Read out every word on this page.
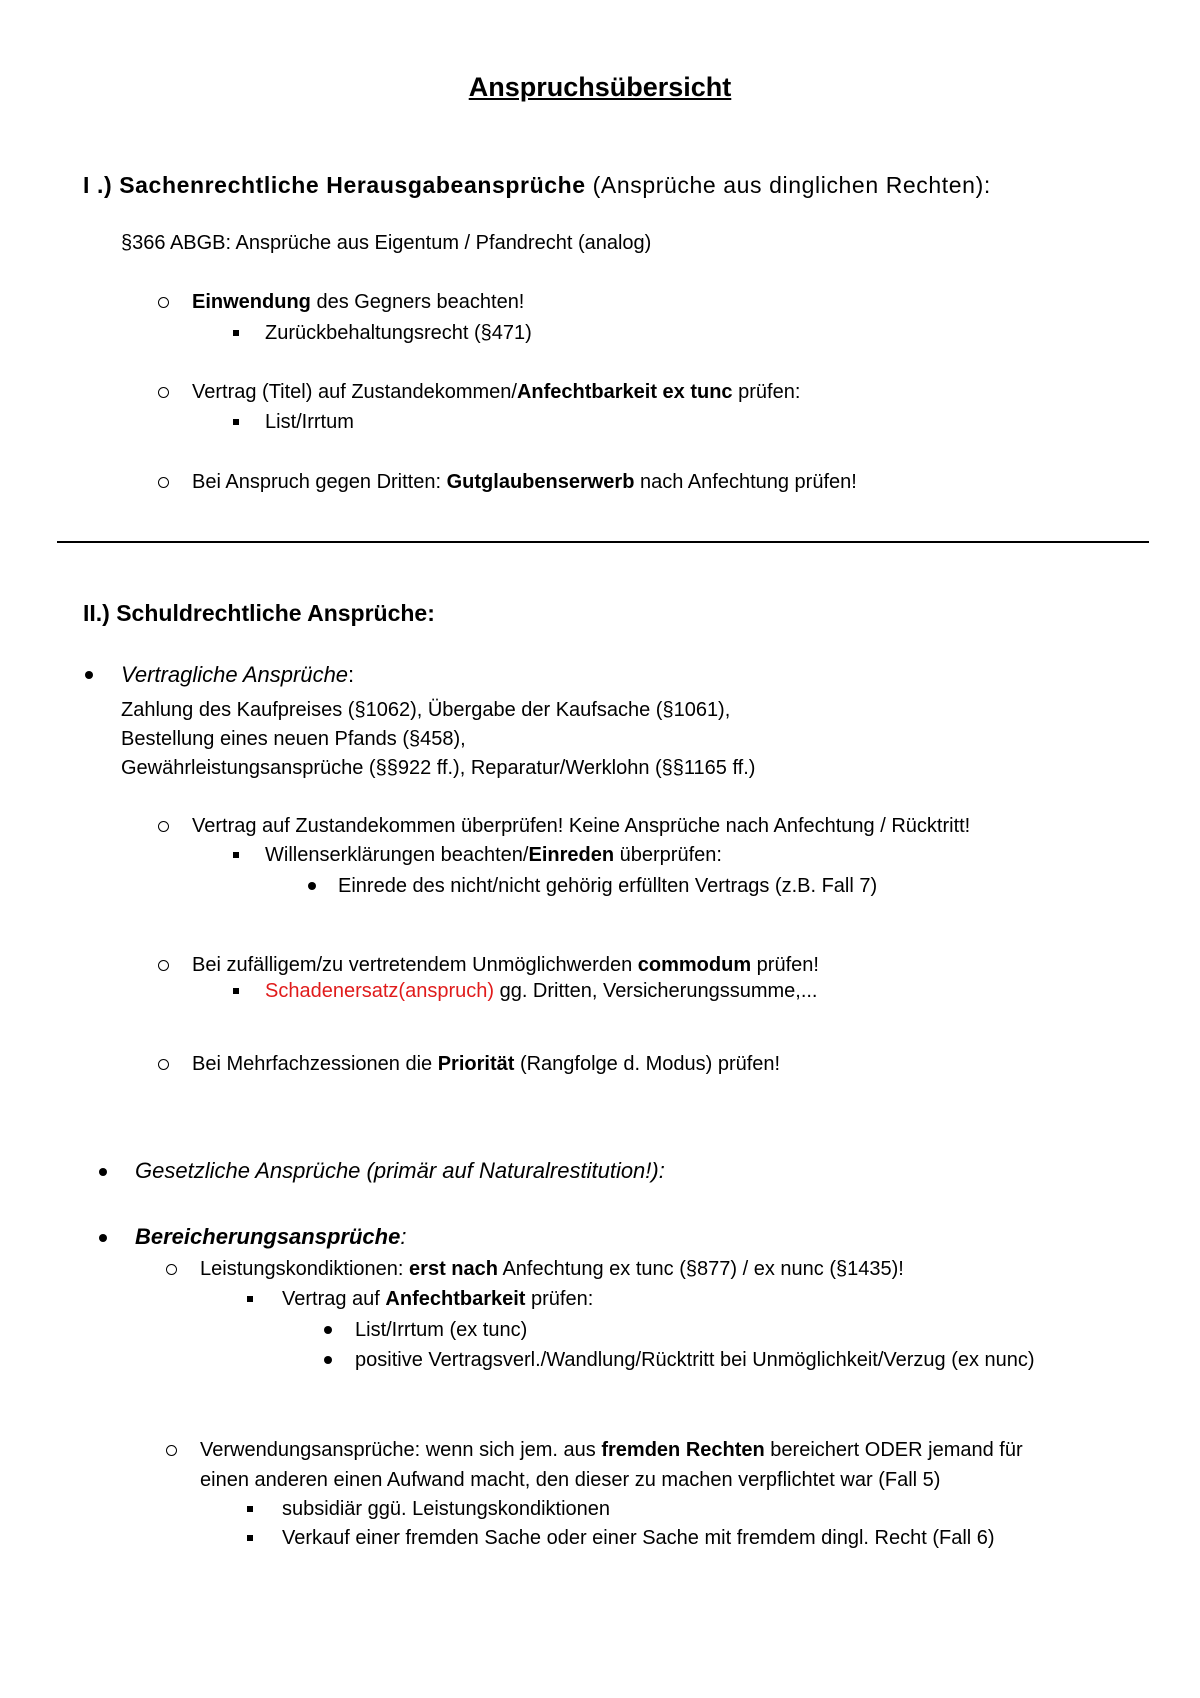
Anspruchsübersicht
I .) Sachenrechtliche Herausgabeansprüche (Ansprüche aus dinglichen Rechten):
§366 ABGB: Ansprüche aus Eigentum / Pfandrecht (analog)
Einwendung des Gegners beachten!
Zurückbehaltungsrecht (§471)
Vertrag (Titel) auf Zustandekommen/Anfechtbarkeit ex tunc prüfen:
List/Irrtum
Bei Anspruch gegen Dritten: Gutglaubenserwerb nach Anfechtung prüfen!
II.) Schuldrechtliche Ansprüche:
Vertragliche Ansprüche:
Zahlung des Kaufpreises (§1062), Übergabe der Kaufsache (§1061),
Bestellung eines neuen Pfands (§458),
Gewährleistungsansprüche (§§922 ff.), Reparatur/Werklohn (§§1165 ff.)
Vertrag auf Zustandekommen überprüfen! Keine Ansprüche nach Anfechtung / Rücktritt!
Willenserklärungen beachten/Einreden überprüfen:
Einrede des nicht/nicht gehörig erfüllten Vertrags (z.B. Fall 7)
Bei zufälligem/zu vertretendem Unmöglichwerden commodum prüfen!
Schadenersatz(anspruch) gg. Dritten, Versicherungssumme,...
Bei Mehrfachzessionen die Priorität (Rangfolge d. Modus) prüfen!
Gesetzliche Ansprüche (primär auf Naturalrestitution!):
Bereicherungsansprüche:
Leistungskondiktionen: erst nach Anfechtung ex tunc (§877) / ex nunc (§1435)!
Vertrag auf Anfechtbarkeit prüfen:
List/Irrtum (ex tunc)
positive Vertragsverl./Wandlung/Rücktritt bei Unmöglichkeit/Verzug (ex nunc)
Verwendungsansprüche: wenn sich jem. aus fremden Rechten bereichert ODER jemand für
einen anderen einen Aufwand macht, den dieser zu machen verpflichtet war (Fall 5)
subsidiär ggü. Leistungskondiktionen
Verkauf einer fremden Sache oder einer Sache mit fremdem dingl. Recht (Fall 6)
